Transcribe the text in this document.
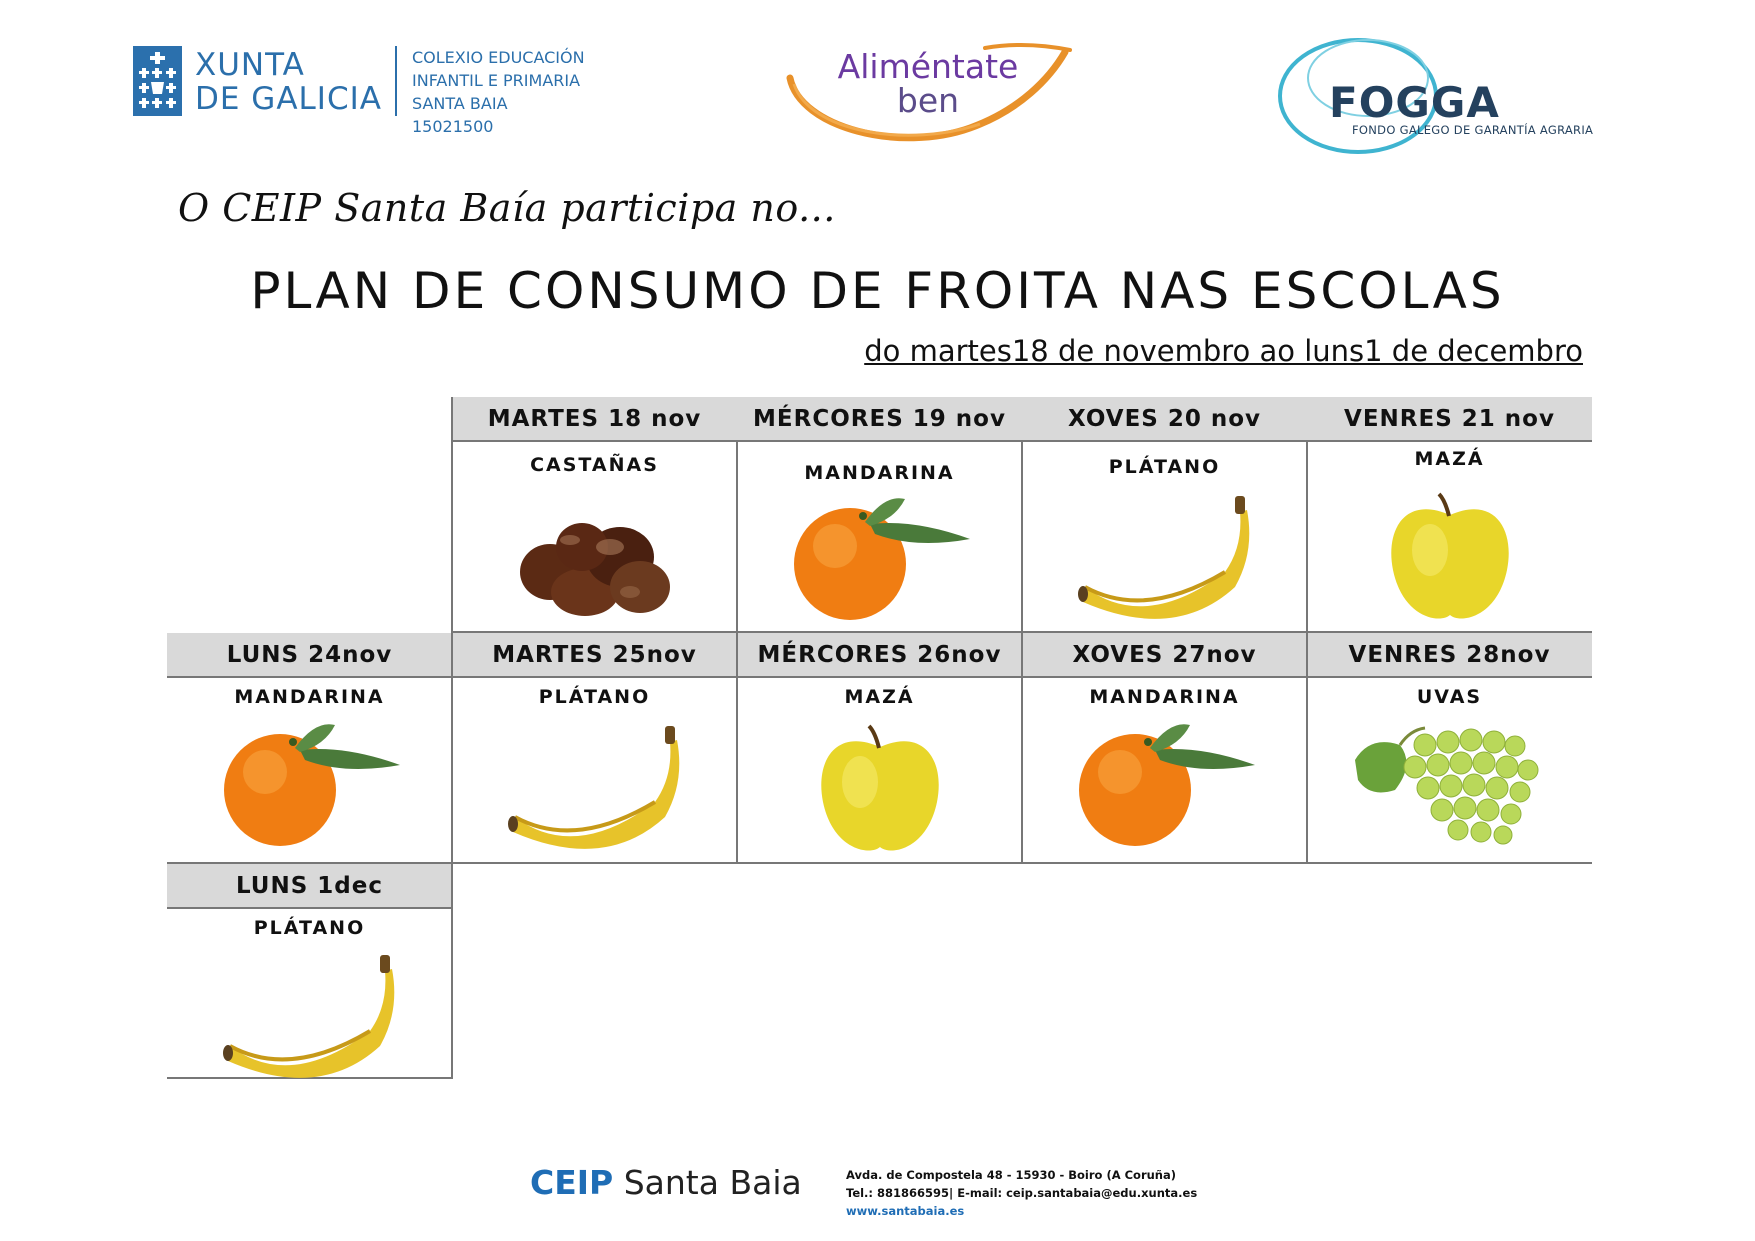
XUNTA
DE GALICIA
COLEXIO EDUCACIÓN
INFANTIL E PRIMARIA
SANTA BAIA
15021500
Aliméntate
ben	FOGGA
FONDO GALEGO DE GARANTÍA AGRARIA
O CEIP Santa Baía participa no...
PLAN DE CONSUMO DE FROITA NAS ESCOLAS
do martes18 de novembro ao luns1 de decembro
MARTES 18 nov	MÉRCORES 19 nov	XOVES 20 nov	VENRES 21 nov
CASTAÑAS	MANDARINA	PLÁTANO	MAZÁ
LUNS 24nov	MARTES 25nov	MÉRCORES 26nov	XOVES 27nov	VENRES 28nov
MANDARINA	PLÁTANO	MAZÁ	MANDARINA	UVAS
LUNS 1dec
PLÁTANO
CEIP Santa Baia	Avda. de Compostela 48 - 15930 - Boiro (A Coruña)
Tel.: 881866595| E-mail: ceip.santabaia@edu.xunta.es
www.santabaia.es
